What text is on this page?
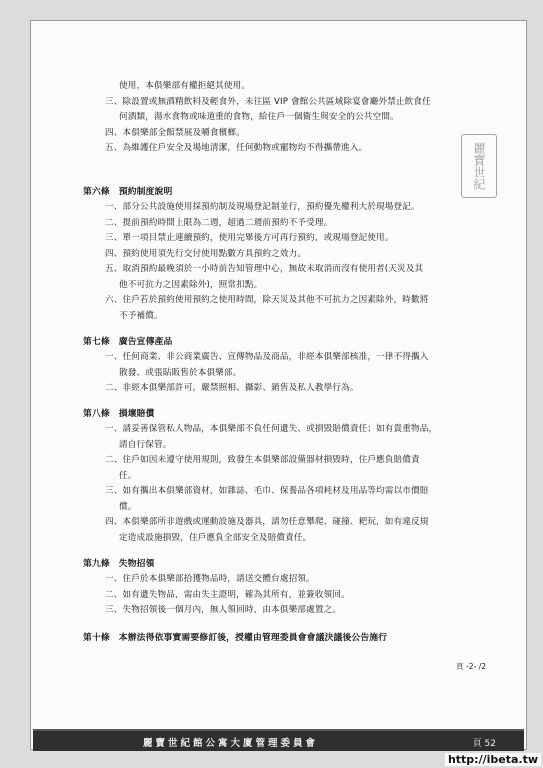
使用，本俱樂部有權拒絕其使用。
三、除設置或無酒精飲料及輕食外，未往區 VIP 會館公共區域除宴會廳外禁止飲食任
何酒類，湯水食物或味道重的食物，給住戶一個衛生與安全的公共空間。
四、本俱樂部全館禁展及嚼食檳榔。
五、為維護住戶安全及場地清潔，任何動物或寵物均不得攜帶進入。
第六條　預約制度說明
一、部分公共設施使用採預約制及現場登記制並行，預約優先權利大於現場登記。
二、提前預約時間上限為二週，超過二週前預約不予受理。
三、單一項目禁止連續預約，使用完畢後方可再行預約，或現場登記使用。
四、預約使用須先行交付使用點數方具預約之效力。
五、取消預約最晚須於一小時前告知管理中心，無故未取消而沒有使用者(天災及其
他不可抗力之因素除外)，照常扣點。
六、住戶若於預約使用預約之使用時間，除天災及其他不可抗力之因素除外，時數將
不予補償。
第七條　廣告宣傳產品
一、任何商業、非公商業廣告、宣傳物品及商品，非經本俱樂部核准，一律不得攜入
散發、或張貼販售於本俱樂部。
二、非經本俱樂部許可，嚴禁照相、攝影、銷售及私人教學行為。
第八條　損壞賠償
一、請妥善保管私人物品，本俱樂部不負任何遺失、或損毀賠償責任；如有貴重物品，
請自行保管。
二、住戶如因未遵守使用規則，致發生本俱樂部設備器材損毀時，住戶應負賠償責
任。
三、如有攜出本俱樂部資材，如雜誌、毛巾、保養品各項耗材及用品等均需以市價賠
償。
四、本俱樂部所非遊戲或運動設施及器具，請勿任意攀爬、碰撞、耙玩，如有違反規
定造成設施損毀，住戶應負全部安全及賠償責任。
第九條　失物招領
一、住戶於本俱樂部拾獲物品時，請送交體台處招領。
二、如有遺失物品，需由失主證明，確為其所有，並簽收領回。
三、失物招領後一個月內，無人領回時，由本俱樂部處置之。
第十條　本辦法得依事實需要修訂後，授權由管理委員會會議決議後公告施行
麗寶世紀
頁 -2- /2
麗寶世紀館公寓大廈管理委員會	頁 52
http://ibeta.tw
